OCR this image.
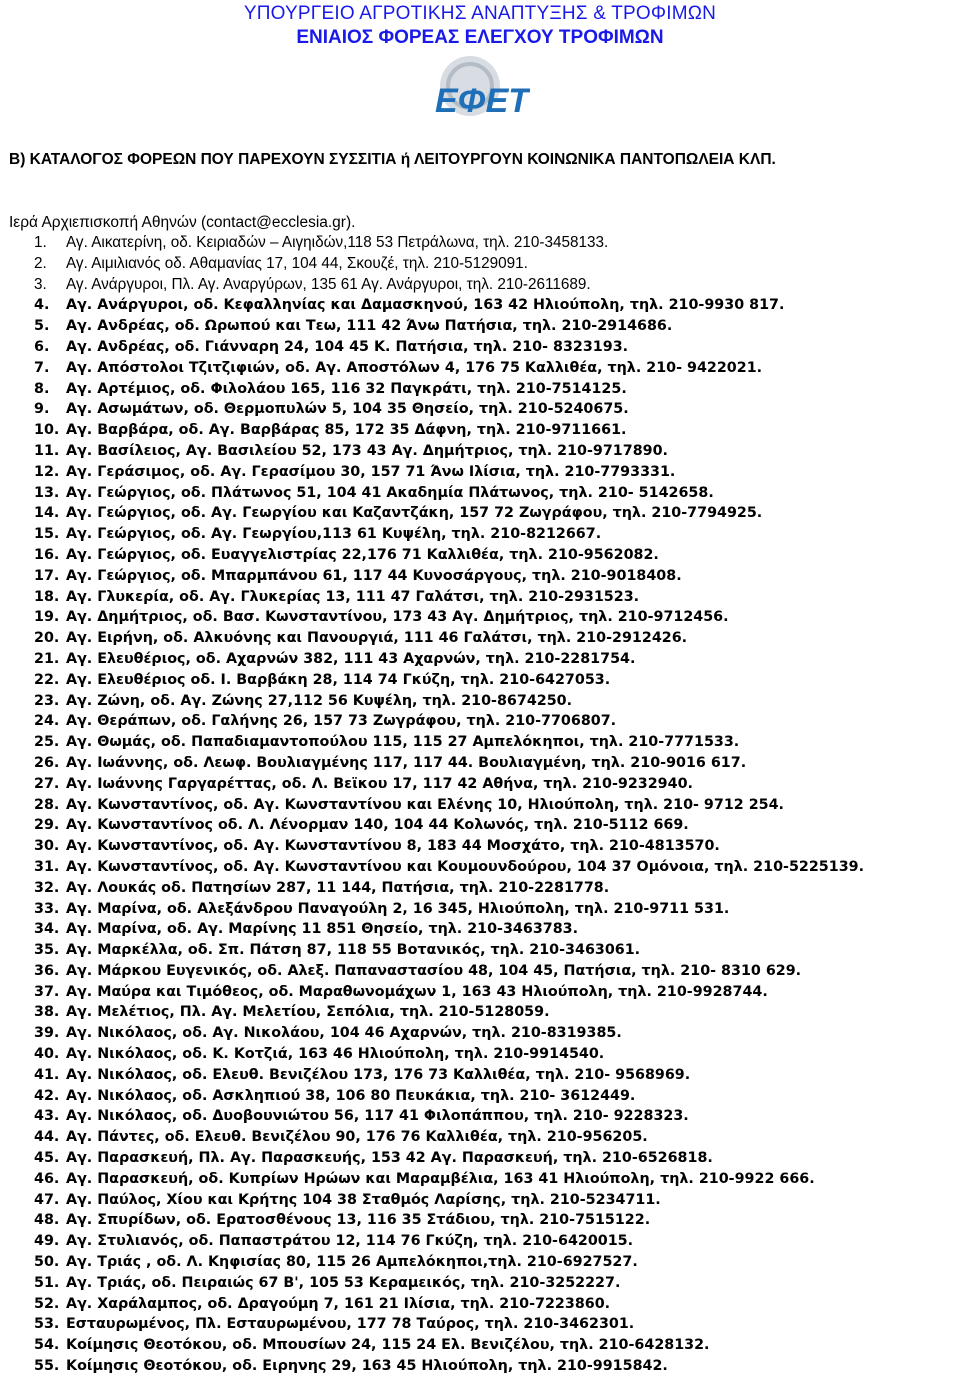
ΥΠΟΥΡΓΕΙΟ ΑΓΡΟΤΙΚΗΣ ΑΝΑΠΤΥΞΗΣ & ΤΡΟΦΙΜΩΝ
ΕΝΙΑΙΟΣ ΦΟΡΕΑΣ ΕΛΕΓΧΟΥ ΤΡΟΦΙΜΩΝ
ΕΦΕΤ
Β) ΚΑΤΑΛΟΓΟΣ ΦΟΡΕΩΝ ΠΟΥ ΠΑΡΕΧΟΥΝ ΣΥΣΣΙΤΙΑ ή ΛΕΙΤΟΥΡΓΟΥΝ ΚΟΙΝΩΝΙΚΑ ΠΑΝΤΟΠΩΛΕΙΑ ΚΛΠ.
Ιερά Αρχιεπισκοπή Αθηνών (contact@ecclesia.gr).
1. Αγ. Αικατερίνη, οδ. Κειριαδών – Αιγηιδών,118 53 Πετράλωνα, τηλ. 210-3458133.
2. Αγ. Αιμιλιανός οδ. Αθαμανίας 17, 104 44, Σκουζέ, τηλ. 210-5129091.
3. Αγ. Ανάργυροι, Πλ. Αγ. Αναργύρων, 135 61 Αγ. Ανάργυροι, τηλ. 210-2611689.
4. Αγ. Ανάργυροι, οδ. Κεφαλληνίας και Δαμασκηνού, 163 42 Ηλιούπολη, τηλ. 210-9930 817.
5. Αγ. Ανδρέας, οδ. Ωρωπού και Τεω, 111 42 Άνω Πατήσια, τηλ. 210-2914686.
6. Αγ. Ανδρέας, οδ. Γιάνναρη 24, 104 45 Κ. Πατήσια, τηλ. 210- 8323193.
7. Αγ. Απόστολοι Τζιτζιφιών, οδ. Αγ. Αποστόλων 4, 176 75 Καλλιθέα, τηλ. 210- 9422021.
8. Αγ. Αρτέμιος, οδ. Φιλολάου 165, 116 32 Παγκράτι, τηλ. 210-7514125.
9. Αγ. Ασωμάτων, οδ. Θερμοπυλών 5, 104 35 Θησείο, τηλ. 210-5240675.
10. Αγ. Βαρβάρα, οδ. Αγ. Βαρβάρας 85, 172 35 Δάφνη, τηλ. 210-9711661.
11. Αγ. Βασίλειος, Αγ. Βασιλείου 52, 173 43 Αγ. Δημήτριος, τηλ. 210-9717890.
12. Αγ. Γεράσιμος, οδ. Αγ. Γερασίμου 30, 157 71 Άνω Ιλίσια, τηλ. 210-7793331.
13. Αγ. Γεώργιος, οδ. Πλάτωνος 51, 104 41 Ακαδημία Πλάτωνος, τηλ. 210- 5142658.
14. Αγ. Γεώργιος, οδ. Αγ. Γεωργίου και Καζαντζάκη, 157 72 Ζωγράφου, τηλ. 210-7794925.
15. Αγ. Γεώργιος, οδ. Αγ. Γεωργίου,113 61 Κυψέλη, τηλ. 210-8212667.
16. Αγ. Γεώργιος, οδ. Ευαγγελιστρίας 22,176 71 Καλλιθέα, τηλ. 210-9562082.
17. Αγ. Γεώργιος, οδ. Μπαρμπάνου 61, 117 44 Κυνοσάργους, τηλ. 210-9018408.
18. Αγ. Γλυκερία, οδ. Αγ. Γλυκερίας 13, 111 47 Γαλάτσι, τηλ. 210-2931523.
19. Αγ. Δημήτριος, οδ. Βασ. Κωνσταντίνου, 173 43 Αγ. Δημήτριος, τηλ. 210-9712456.
20. Αγ. Ειρήνη, οδ. Αλκυόνης και Πανουργιά, 111 46 Γαλάτσι, τηλ. 210-2912426.
21. Αγ. Ελευθέριος, οδ. Αχαρνών 382, 111 43 Αχαρνών, τηλ. 210-2281754.
22. Αγ. Ελευθέριος οδ. Ι. Βαρβάκη 28, 114 74 Γκύζη, τηλ. 210-6427053.
23. Αγ. Ζώνη, οδ. Αγ. Ζώνης 27,112 56 Κυψέλη, τηλ. 210-8674250.
24. Αγ. Θεράπων, οδ. Γαλήνης 26, 157 73 Ζωγράφου, τηλ. 210-7706807.
25. Αγ. Θωμάς, οδ. Παπαδιαμαντοπούλου 115, 115 27 Αμπελόκηποι, τηλ. 210-7771533.
26. Αγ. Ιωάννης, οδ. Λεωφ. Βουλιαγμένης 117, 117 44. Βουλιαγμένη, τηλ. 210-9016 617.
27. Αγ. Ιωάννης Γαργαρέττας, οδ. Λ. Βεϊκου 17, 117 42 Αθήνα, τηλ. 210-9232940.
28. Αγ. Κωνσταντίνος, οδ. Αγ. Κωνσταντίνου και Ελένης 10, Ηλιούπολη, τηλ. 210- 9712 254.
29. Αγ. Κωνσταντίνος οδ. Λ. Λένορμαν 140, 104 44 Κολωνός, τηλ. 210-5112 669.
30. Αγ. Κωνσταντίνος, οδ. Αγ. Κωνσταντίνου 8, 183 44 Μοσχάτο, τηλ. 210-4813570.
31. Αγ. Κωνσταντίνος, οδ. Αγ. Κωνσταντίνου και Κουμουνδούρου, 104 37 Ομόνοια, τηλ. 210-5225139.
32. Αγ. Λουκάς οδ. Πατησίων 287, 11 144, Πατήσια, τηλ. 210-2281778.
33. Αγ. Μαρίνα, οδ. Αλεξάνδρου Παναγούλη 2, 16 345, Ηλιούπολη, τηλ. 210-9711 531.
34. Αγ. Μαρίνα, οδ. Αγ. Μαρίνης 11 851 Θησείο, τηλ. 210-3463783.
35. Αγ. Μαρκέλλα, οδ. Σπ. Πάτση 87, 118 55 Βοτανικός, τηλ. 210-3463061.
36. Αγ. Μάρκου Ευγενικός, οδ. Αλεξ. Παπαναστασίου 48, 104 45, Πατήσια, τηλ. 210- 8310 629.
37. Αγ. Μαύρα και Τιμόθεος, οδ. Μαραθωνομάχων 1, 163 43 Ηλιούπολη, τηλ. 210-9928744.
38. Αγ. Μελέτιος, Πλ. Αγ. Μελετίου, Σεπόλια, τηλ. 210-5128059.
39. Αγ. Νικόλαος, οδ. Αγ. Νικολάου, 104 46 Αχαρνών, τηλ. 210-8319385.
40. Αγ. Νικόλαος, οδ. Κ. Κοτζιά, 163 46 Ηλιούπολη, τηλ. 210-9914540.
41. Αγ. Νικόλαος, οδ. Ελευθ. Βενιζέλου 173, 176 73 Καλλιθέα, τηλ. 210- 9568969.
42. Αγ. Νικόλαος, οδ. Ασκληπιού 38, 106 80 Πευκάκια, τηλ. 210- 3612449.
43. Αγ. Νικόλαος, οδ. Δυοβουνιώτου 56, 117 41 Φιλοπάππου, τηλ. 210- 9228323.
44. Αγ. Πάντες, οδ. Ελευθ. Βενιζέλου 90, 176 76 Καλλιθέα, τηλ. 210-956205.
45. Αγ. Παρασκευή, Πλ. Αγ. Παρασκευής, 153 42 Αγ. Παρασκευή, τηλ. 210-6526818.
46. Αγ. Παρασκευή, οδ. Κυπρίων Ηρώων και Μαραμβέλια, 163 41 Ηλιούπολη, τηλ. 210-9922 666.
47. Αγ. Παύλος, Χίου και Κρήτης 104 38 Σταθμός Λαρίσης, τηλ. 210-5234711.
48. Αγ. Σπυρίδων, οδ. Ερατοσθένους 13, 116 35 Στάδιου, τηλ. 210-7515122.
49. Αγ. Στυλιανός, οδ. Παπαστράτου 12, 114 76 Γκύζη, τηλ. 210-6420015.
50. Αγ. Τριάς , οδ. Λ. Κηφισίας 80, 115 26 Αμπελόκηποι,τηλ. 210-6927527.
51. Αγ. Τριάς, οδ. Πειραιώς 67 Β', 105 53 Κεραμεικός, τηλ. 210-3252227.
52. Αγ. Χαράλαμπος, οδ. Δραγούμη 7, 161 21 Ιλίσια, τηλ. 210-7223860.
53. Εσταυρωμένος, Πλ. Εσταυρωμένου, 177 78 Ταύρος, τηλ. 210-3462301.
54. Κοίμησις Θεοτόκου, οδ. Μπουσίων 24, 115 24 Ελ. Βενιζέλου, τηλ. 210-6428132.
55. Κοίμησις Θεοτόκου, οδ. Ειρηνης 29, 163 45 Ηλιούπολη, τηλ. 210-9915842.
